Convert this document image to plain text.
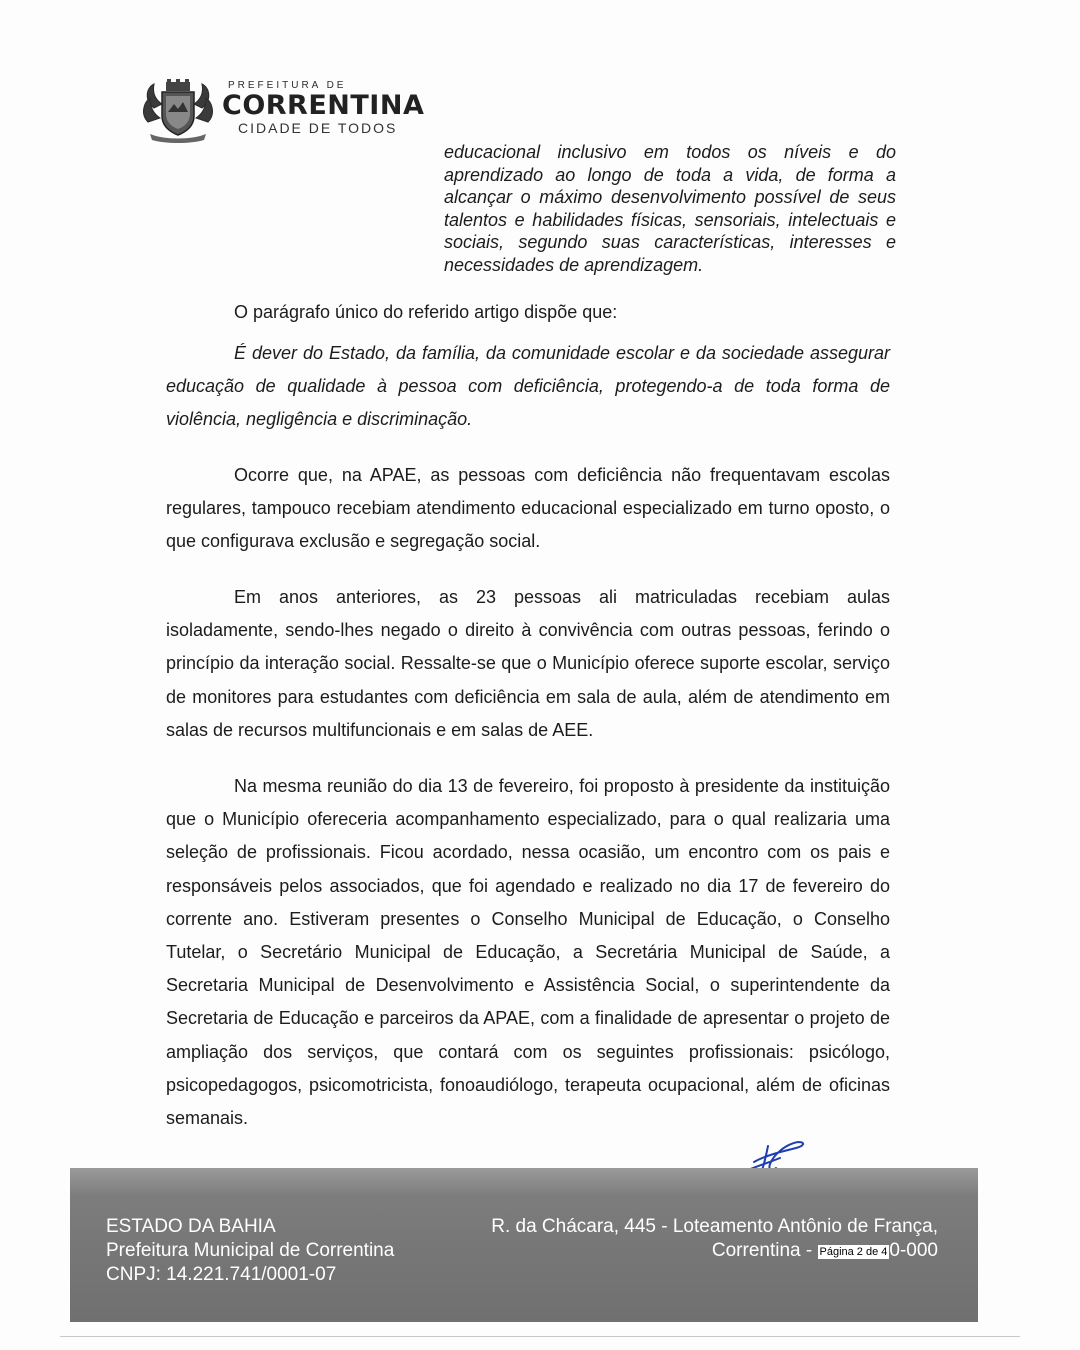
PREFEITURA DE
CORRENTINA
CIDADE DE TODOS

educacional inclusivo em todos os níveis e do aprendizado ao longo de toda a vida, de forma a alcançar o máximo desenvolvimento possível de seus talentos e habilidades físicas, sensoriais, intelectuais e sociais, segundo suas características, interesses e necessidades de aprendizagem.

O parágrafo único do referido artigo dispõe que:

É dever do Estado, da família, da comunidade escolar e da sociedade assegurar educação de qualidade à pessoa com deficiência, protegendo-a de toda forma de violência, negligência e discriminação.

Ocorre que, na APAE, as pessoas com deficiência não frequentavam escolas regulares, tampouco recebiam atendimento educacional especializado em turno oposto, o que configurava exclusão e segregação social.

Em anos anteriores, as 23 pessoas ali matriculadas recebiam aulas isoladamente, sendo-lhes negado o direito à convivência com outras pessoas, ferindo o princípio da interação social. Ressalte-se que o Município oferece suporte escolar, serviço de monitores para estudantes com deficiência em sala de aula, além de atendimento em salas de recursos multifuncionais e em salas de AEE.

Na mesma reunião do dia 13 de fevereiro, foi proposto à presidente da instituição que o Município ofereceria acompanhamento especializado, para o qual realizaria uma seleção de profissionais. Ficou acordado, nessa ocasião, um encontro com os pais e responsáveis pelos associados, que foi agendado e realizado no dia 17 de fevereiro do corrente ano. Estiveram presentes o Conselho Municipal de Educação, o Conselho Tutelar, o Secretário Municipal de Educação, a Secretária Municipal de Saúde, a Secretaria Municipal de Desenvolvimento e Assistência Social, o superintendente da Secretaria de Educação e parceiros da APAE, com a finalidade de apresentar o projeto de ampliação dos serviços, que contará com os seguintes profissionais: psicólogo, psicopedagogos, psicomotricista, fonoaudiólogo, terapeuta ocupacional, além de oficinas semanais.

ESTADO DA BAHIA
Prefeitura Municipal de Correntina
CNPJ: 14.221.741/0001-07
R. da Chácara, 445 - Loteamento Antônio de França,
Correntina - Página 2 de 4 0-000
